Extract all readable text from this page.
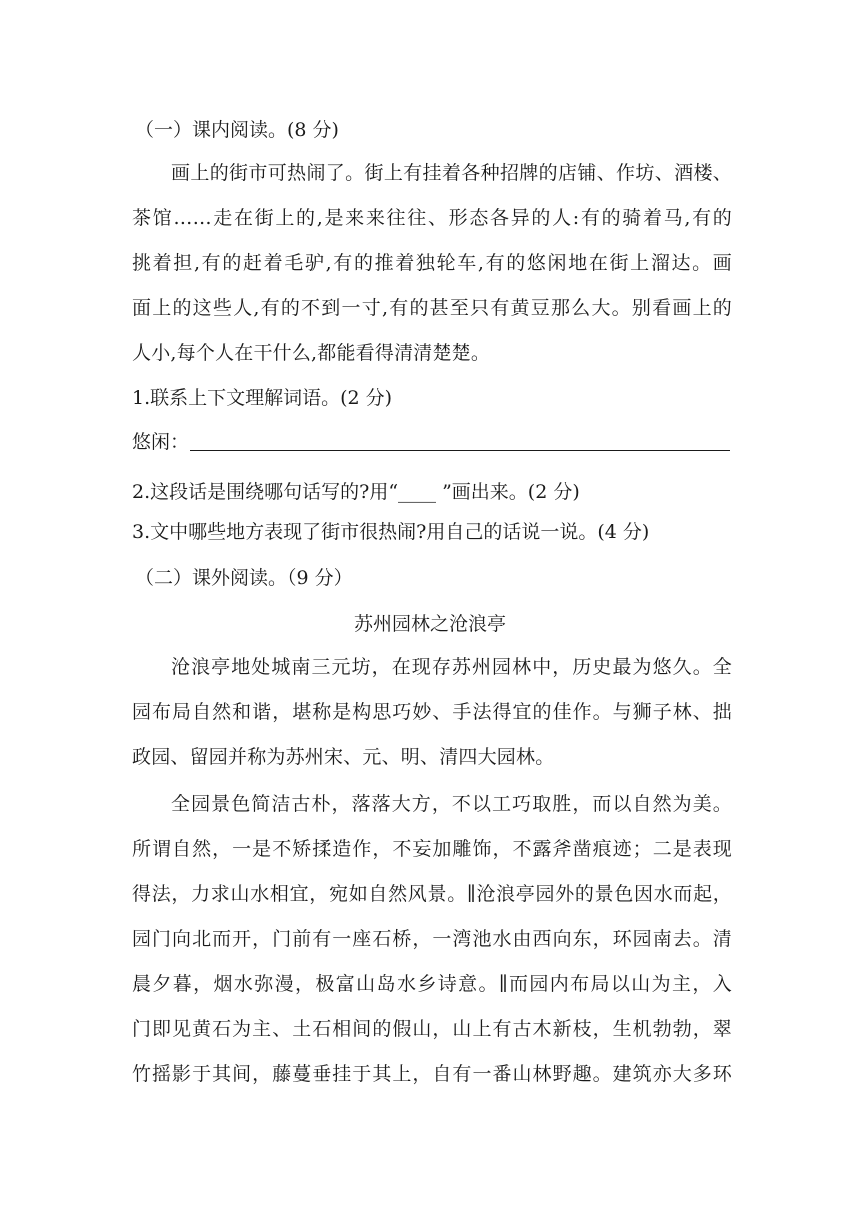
（一）课内阅读。(8 分)
画上的街市可热闹了。街上有挂着各种招牌的店铺、作坊、酒楼、
茶馆……走在街上的,是来来往往、形态各异的人:有的骑着马,有的
挑着担,有的赶着毛驴,有的推着独轮车,有的悠闲地在街上溜达。画
面上的这些人,有的不到一寸,有的甚至只有黄豆那么大。别看画上的
人小,每个人在干什么,都能看得清清楚楚。
1.联系上下文理解词语。(2 分)
悠闲：
2.这段话是围绕哪句话写的?用“____ ”画出来。(2 分)
3.文中哪些地方表现了街市很热闹?用自己的话说一说。(4 分)
（二）课外阅读。（9 分）
苏州园林之沧浪亭
沧浪亭地处城南三元坊，在现存苏州园林中，历史最为悠久。全
园布局自然和谐，堪称是构思巧妙、手法得宜的佳作。与狮子林、拙
政园、留园并称为苏州宋、元、明、清四大园林。
全园景色简洁古朴，落落大方，不以工巧取胜，而以自然为美。
所谓自然，一是不矫揉造作，不妄加雕饰，不露斧凿痕迹；二是表现
得法，力求山水相宜，宛如自然风景。∥沧浪亭园外的景色因水而起，
园门向北而开，门前有一座石桥，一湾池水由西向东，环园南去。清
晨夕暮，烟水弥漫，极富山岛水乡诗意。∥而园内布局以山为主，入
门即见黄石为主、土石相间的假山，山上有古木新枝，生机勃勃，翠
竹摇影于其间，藤蔓垂挂于其上，自有一番山林野趣。建筑亦大多环
